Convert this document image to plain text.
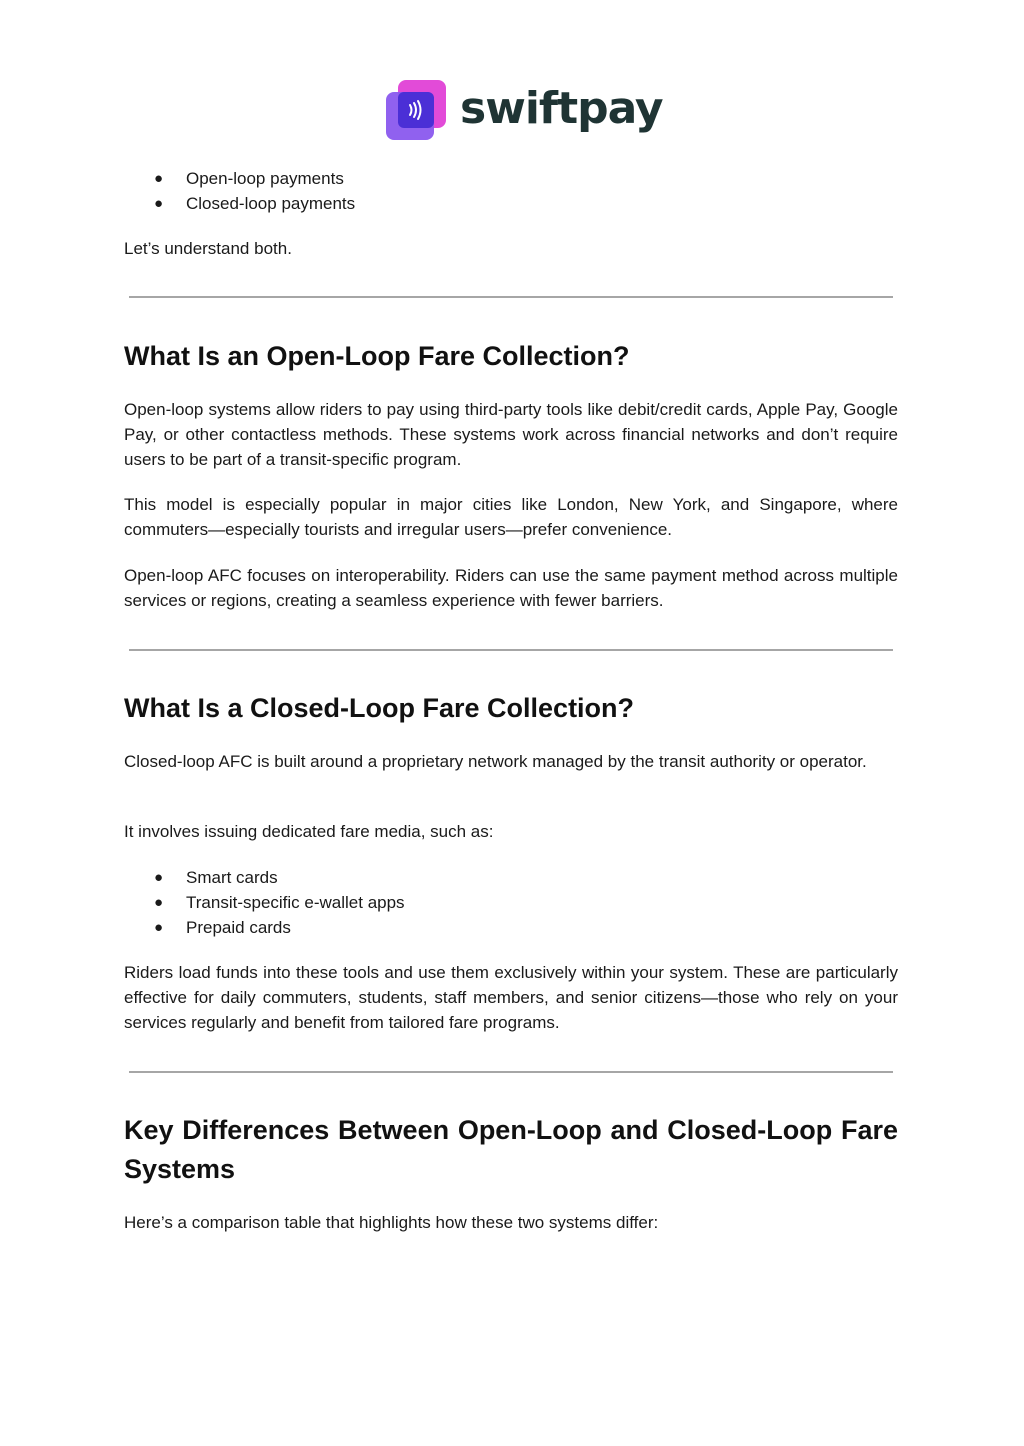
swiftpay
● Open-loop payments
● Closed-loop payments

Let’s understand both.

What Is an Open-Loop Fare Collection?

Open-loop systems allow riders to pay using third-party tools like debit/credit cards, Apple Pay, Google Pay, or other contactless methods. These systems work across financial networks and don’t require users to be part of a transit-specific program.

This model is especially popular in major cities like London, New York, and Singapore, where commuters—especially tourists and irregular users—prefer convenience.

Open-loop AFC focuses on interoperability. Riders can use the same payment method across multiple services or regions, creating a seamless experience with fewer barriers.

What Is a Closed-Loop Fare Collection?

Closed-loop AFC is built around a proprietary network managed by the transit authority or operator.

It involves issuing dedicated fare media, such as:

● Smart cards
● Transit-specific e-wallet apps
● Prepaid cards

Riders load funds into these tools and use them exclusively within your system. These are particularly effective for daily commuters, students, staff members, and senior citizens—those who rely on your services regularly and benefit from tailored fare programs.

Key Differences Between Open-Loop and Closed-Loop Fare Systems

Here’s a comparison table that highlights how these two systems differ:
